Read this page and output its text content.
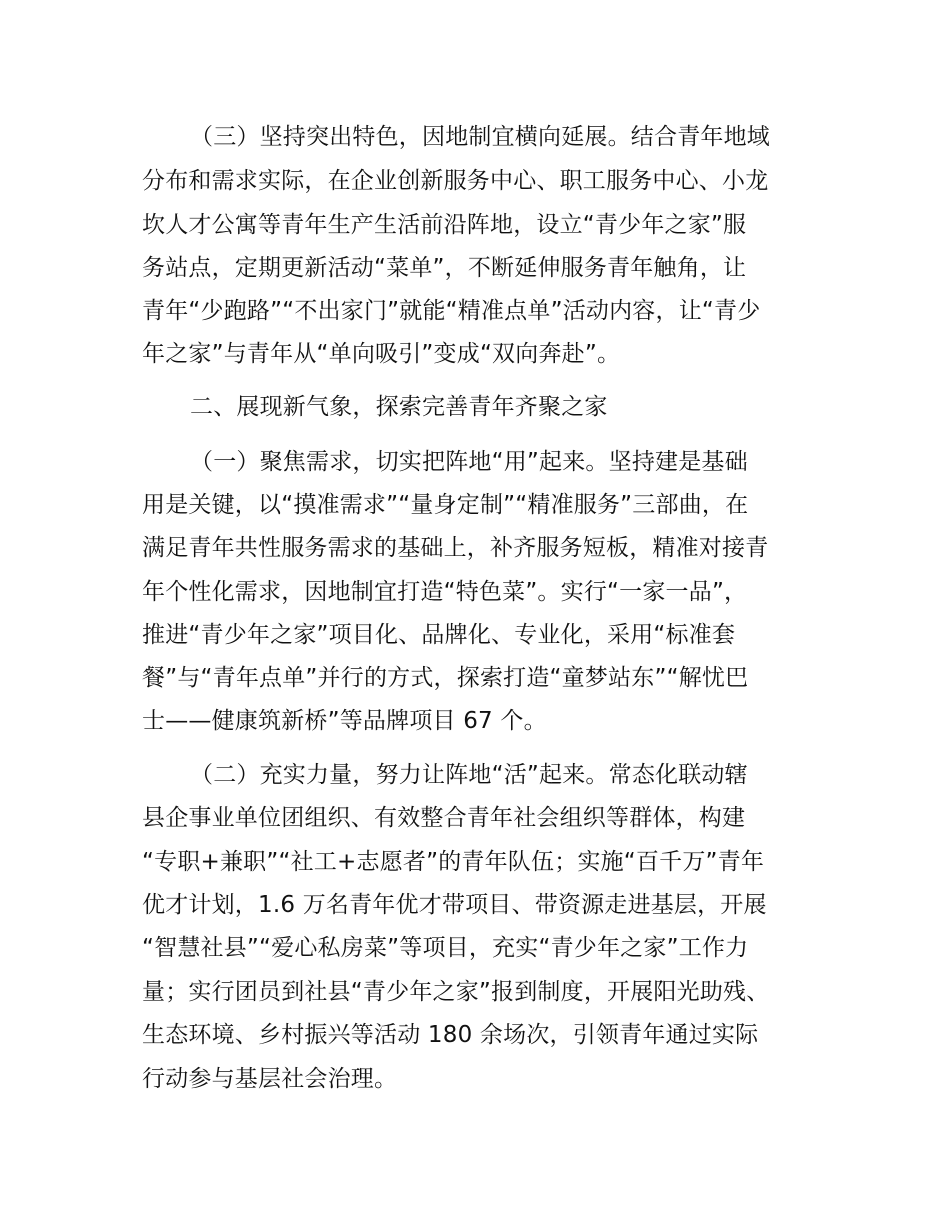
（三）坚持突出特色，因地制宜横向延展。结合青年地域
分布和需求实际，在企业创新服务中心、职工服务中心、小龙
坎人才公寓等青年生产生活前沿阵地，设立“青少年之家”服
务站点，定期更新活动“菜单”，不断延伸服务青年触角，让
青年“少跑路”“不出家门”就能“精准点单”活动内容，让“青少
年之家”与青年从“单向吸引”变成“双向奔赴”。
二、展现新气象，探索完善青年齐聚之家
（一）聚焦需求，切实把阵地“用”起来。坚持建是基础
用是关键，以“摸准需求”“量身定制”“精准服务”三部曲，在
满足青年共性服务需求的基础上，补齐服务短板，精准对接青
年个性化需求，因地制宜打造“特色菜”。实行“一家一品”，
推进“青少年之家”项目化、品牌化、专业化，采用“标准套
餐”与“青年点单”并行的方式，探索打造“童梦站东”“解忧巴
士——健康筑新桥”等品牌项目 67 个。
（二）充实力量，努力让阵地“活”起来。常态化联动辖
县企事业单位团组织、有效整合青年社会组织等群体，构建
“专职+兼职”“社工+志愿者”的青年队伍；实施“百千万”青年
优才计划，1.6 万名青年优才带项目、带资源走进基层，开展
“智慧社县”“爱心私房菜”等项目，充实“青少年之家”工作力
量；实行团员到社县“青少年之家”报到制度，开展阳光助残、
生态环境、乡村振兴等活动 180 余场次，引领青年通过实际
行动参与基层社会治理。
